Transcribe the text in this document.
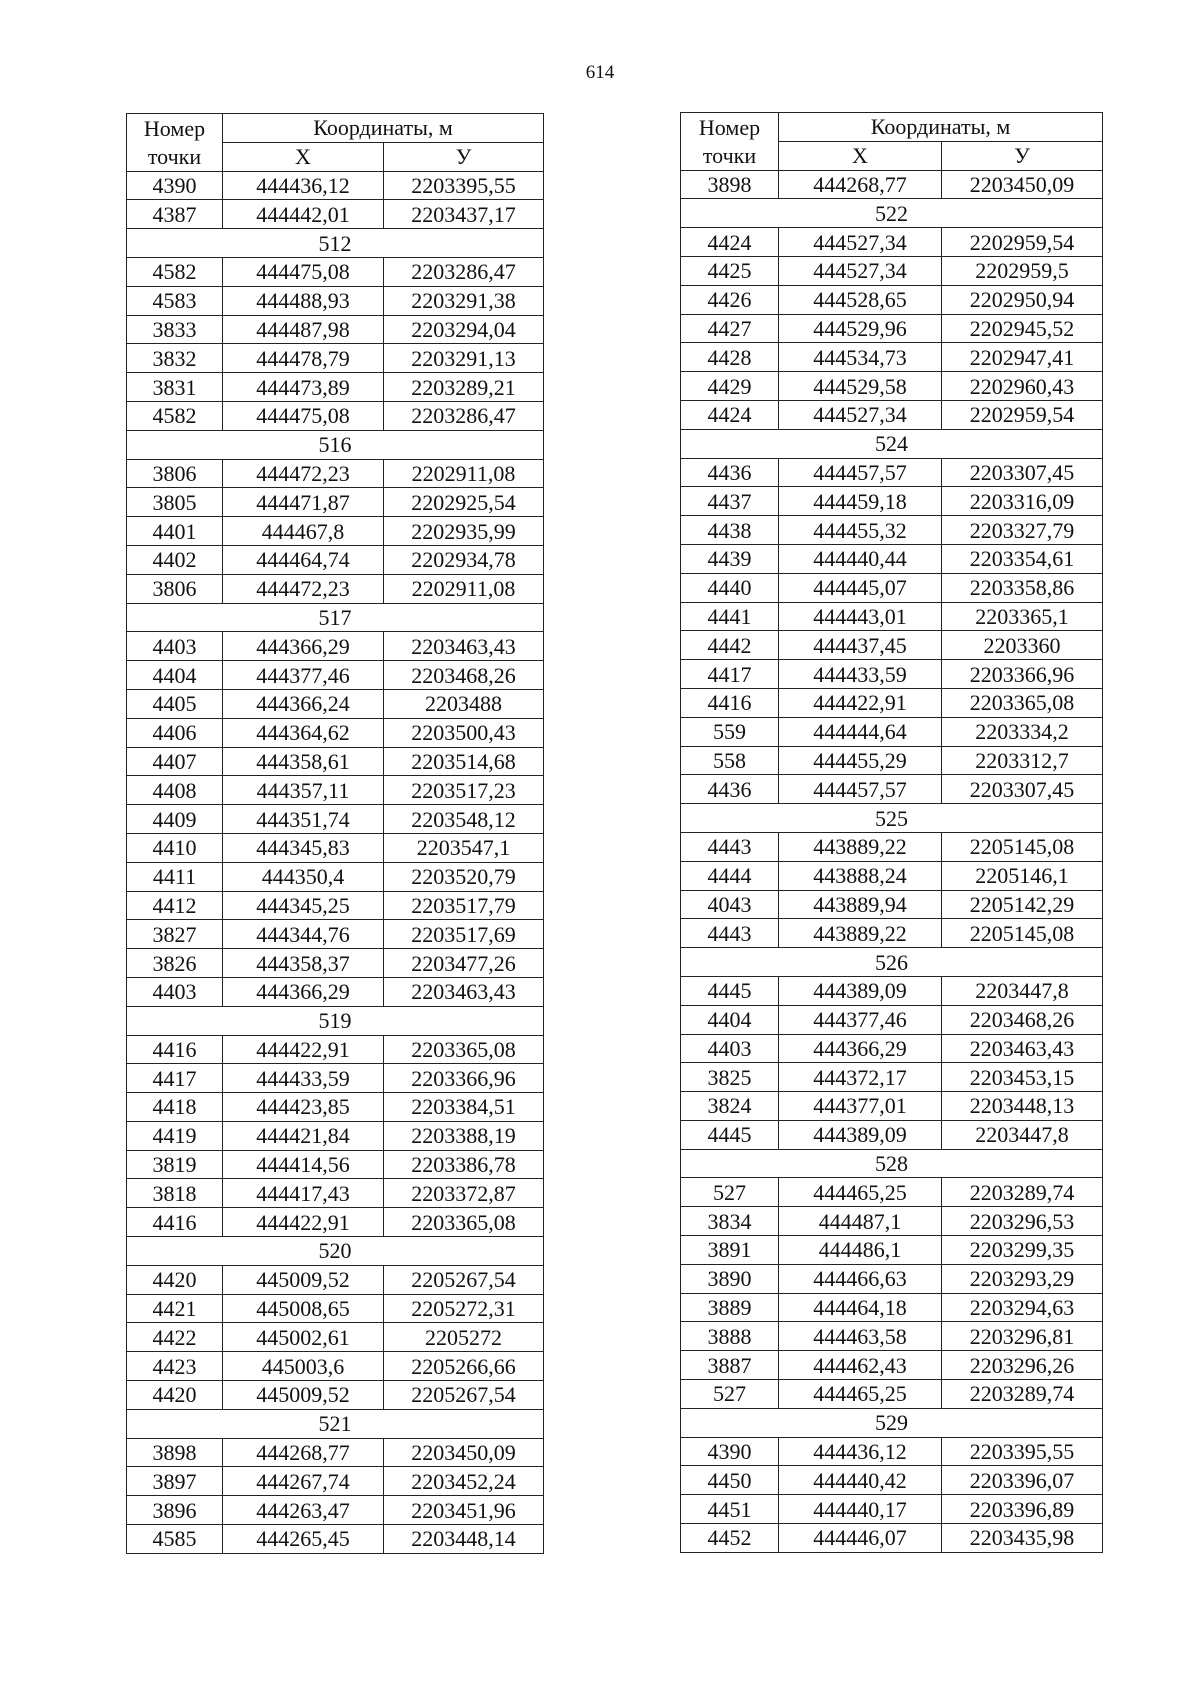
614
Номер	Координаты, м	
точки	X	У
4390	444436,12	2203395,55
4387	444442,01	2203437,17
512		
4582	444475,08	2203286,47
4583	444488,93	2203291,38
3833	444487,98	2203294,04
3832	444478,79	2203291,13
3831	444473,89	2203289,21
4582	444475,08	2203286,47
516		
3806	444472,23	2202911,08
3805	444471,87	2202925,54
4401	444467,8	2202935,99
4402	444464,74	2202934,78
3806	444472,23	2202911,08
517		
4403	444366,29	2203463,43
4404	444377,46	2203468,26
4405	444366,24	2203488
4406	444364,62	2203500,43
4407	444358,61	2203514,68
4408	444357,11	2203517,23
4409	444351,74	2203548,12
4410	444345,83	2203547,1
4411	444350,4	2203520,79
4412	444345,25	2203517,79
3827	444344,76	2203517,69
3826	444358,37	2203477,26
4403	444366,29	2203463,43
519		
4416	444422,91	2203365,08
4417	444433,59	2203366,96
4418	444423,85	2203384,51
4419	444421,84	2203388,19
3819	444414,56	2203386,78
3818	444417,43	2203372,87
4416	444422,91	2203365,08
520		
4420	445009,52	2205267,54
4421	445008,65	2205272,31
4422	445002,61	2205272
4423	445003,6	2205266,66
4420	445009,52	2205267,54
521		
3898	444268,77	2203450,09
3897	444267,74	2203452,24
3896	444263,47	2203451,96
4585	444265,45	2203448,14
Номер	Координаты, м	
точки	X	У
3898	444268,77	2203450,09
522		
4424	444527,34	2202959,54
4425	444527,34	2202959,5
4426	444528,65	2202950,94
4427	444529,96	2202945,52
4428	444534,73	2202947,41
4429	444529,58	2202960,43
4424	444527,34	2202959,54
524		
4436	444457,57	2203307,45
4437	444459,18	2203316,09
4438	444455,32	2203327,79
4439	444440,44	2203354,61
4440	444445,07	2203358,86
4441	444443,01	2203365,1
4442	444437,45	2203360
4417	444433,59	2203366,96
4416	444422,91	2203365,08
559	444444,64	2203334,2
558	444455,29	2203312,7
4436	444457,57	2203307,45
525		
4443	443889,22	2205145,08
4444	443888,24	2205146,1
4043	443889,94	2205142,29
4443	443889,22	2205145,08
526		
4445	444389,09	2203447,8
4404	444377,46	2203468,26
4403	444366,29	2203463,43
3825	444372,17	2203453,15
3824	444377,01	2203448,13
4445	444389,09	2203447,8
528		
527	444465,25	2203289,74
3834	444487,1	2203296,53
3891	444486,1	2203299,35
3890	444466,63	2203293,29
3889	444464,18	2203294,63
3888	444463,58	2203296,81
3887	444462,43	2203296,26
527	444465,25	2203289,74
529		
4390	444436,12	2203395,55
4450	444440,42	2203396,07
4451	444440,17	2203396,89
4452	444446,07	2203435,98
